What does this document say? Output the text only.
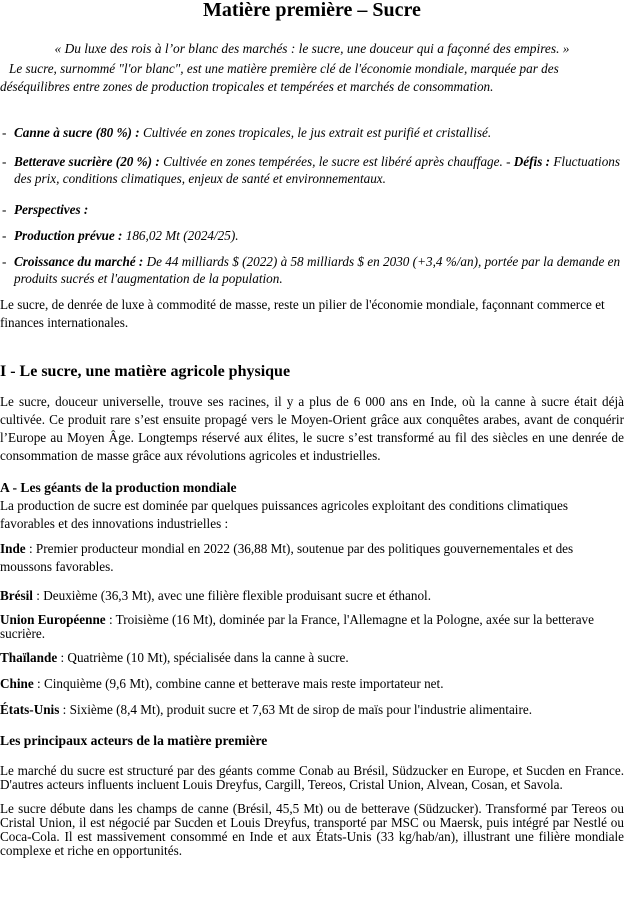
Matière première – Sucre

« Du luxe des rois à l’or blanc des marchés : le sucre, une douceur qui a façonné des empires. »

Le sucre, surnommé "l'or blanc", est une matière première clé de l'économie mondiale, marquée par des
déséquilibres entre zones de production tropicales et tempérées et marchés de consommation.
- Canne à sucre (80 %) : Cultivée en zones tropicales, le jus extrait est purifié et cristallisé.
- Betterave sucrière (20 %) : Cultivée en zones tempérées, le sucre est libéré après chauffage. - Défis : Fluctuations des prix, conditions climatiques, enjeux de santé et environnementaux.
- Perspectives :
- Production prévue : 186,02 Mt (2024/25).
- Croissance du marché : De 44 milliards $ (2022) à 58 milliards $ en 2030 (+3,4 %/an), portée par la demande en produits sucrés et l'augmentation de la population.

Le sucre, de denrée de luxe à commodité de masse, reste un pilier de l'économie mondiale, façonnant commerce et finances internationales.

I - Le sucre, une matière agricole physique

Le sucre, douceur universelle, trouve ses racines, il y a plus de 6 000 ans en Inde, où la canne à sucre était déjà cultivée. Ce produit rare s’est ensuite propagé vers le Moyen-Orient grâce aux conquêtes arabes, avant de conquérir l’Europe au Moyen Âge. Longtemps réservé aux élites, le sucre s’est transformé au fil des siècles en une denrée de consommation de masse grâce aux révolutions agricoles et industrielles.

A - Les géants de la production mondiale

La production de sucre est dominée par quelques puissances agricoles exploitant des conditions climatiques favorables et des innovations industrielles :

Inde : Premier producteur mondial en 2022 (36,88 Mt), soutenue par des politiques gouvernementales et des moussons favorables.

Brésil : Deuxième (36,3 Mt), avec une filière flexible produisant sucre et éthanol.

Union Européenne : Troisième (16 Mt), dominée par la France, l'Allemagne et la Pologne, axée sur la betterave sucrière.

Thaïlande : Quatrième (10 Mt), spécialisée dans la canne à sucre.

Chine : Cinquième (9,6 Mt), combine canne et betterave mais reste importateur net.

États-Unis : Sixième (8,4 Mt), produit sucre et 7,63 Mt de sirop de maïs pour l'industrie alimentaire.

Les principaux acteurs de la matière première

Le marché du sucre est structuré par des géants comme Conab au Brésil, Südzucker en Europe, et Sucden en France. D'autres acteurs influents incluent Louis Dreyfus, Cargill, Tereos, Cristal Union, Alvean, Cosan, et Savola.

Le sucre débute dans les champs de canne (Brésil, 45,5 Mt) ou de betterave (Südzucker). Transformé par Tereos ou Cristal Union, il est négocié par Sucden et Louis Dreyfus, transporté par MSC ou Maersk, puis intégré par Nestlé ou Coca-Cola. Il est massivement consommé en Inde et aux États-Unis (33 kg/hab/an), illustrant une filière mondiale complexe et riche en opportunités.
